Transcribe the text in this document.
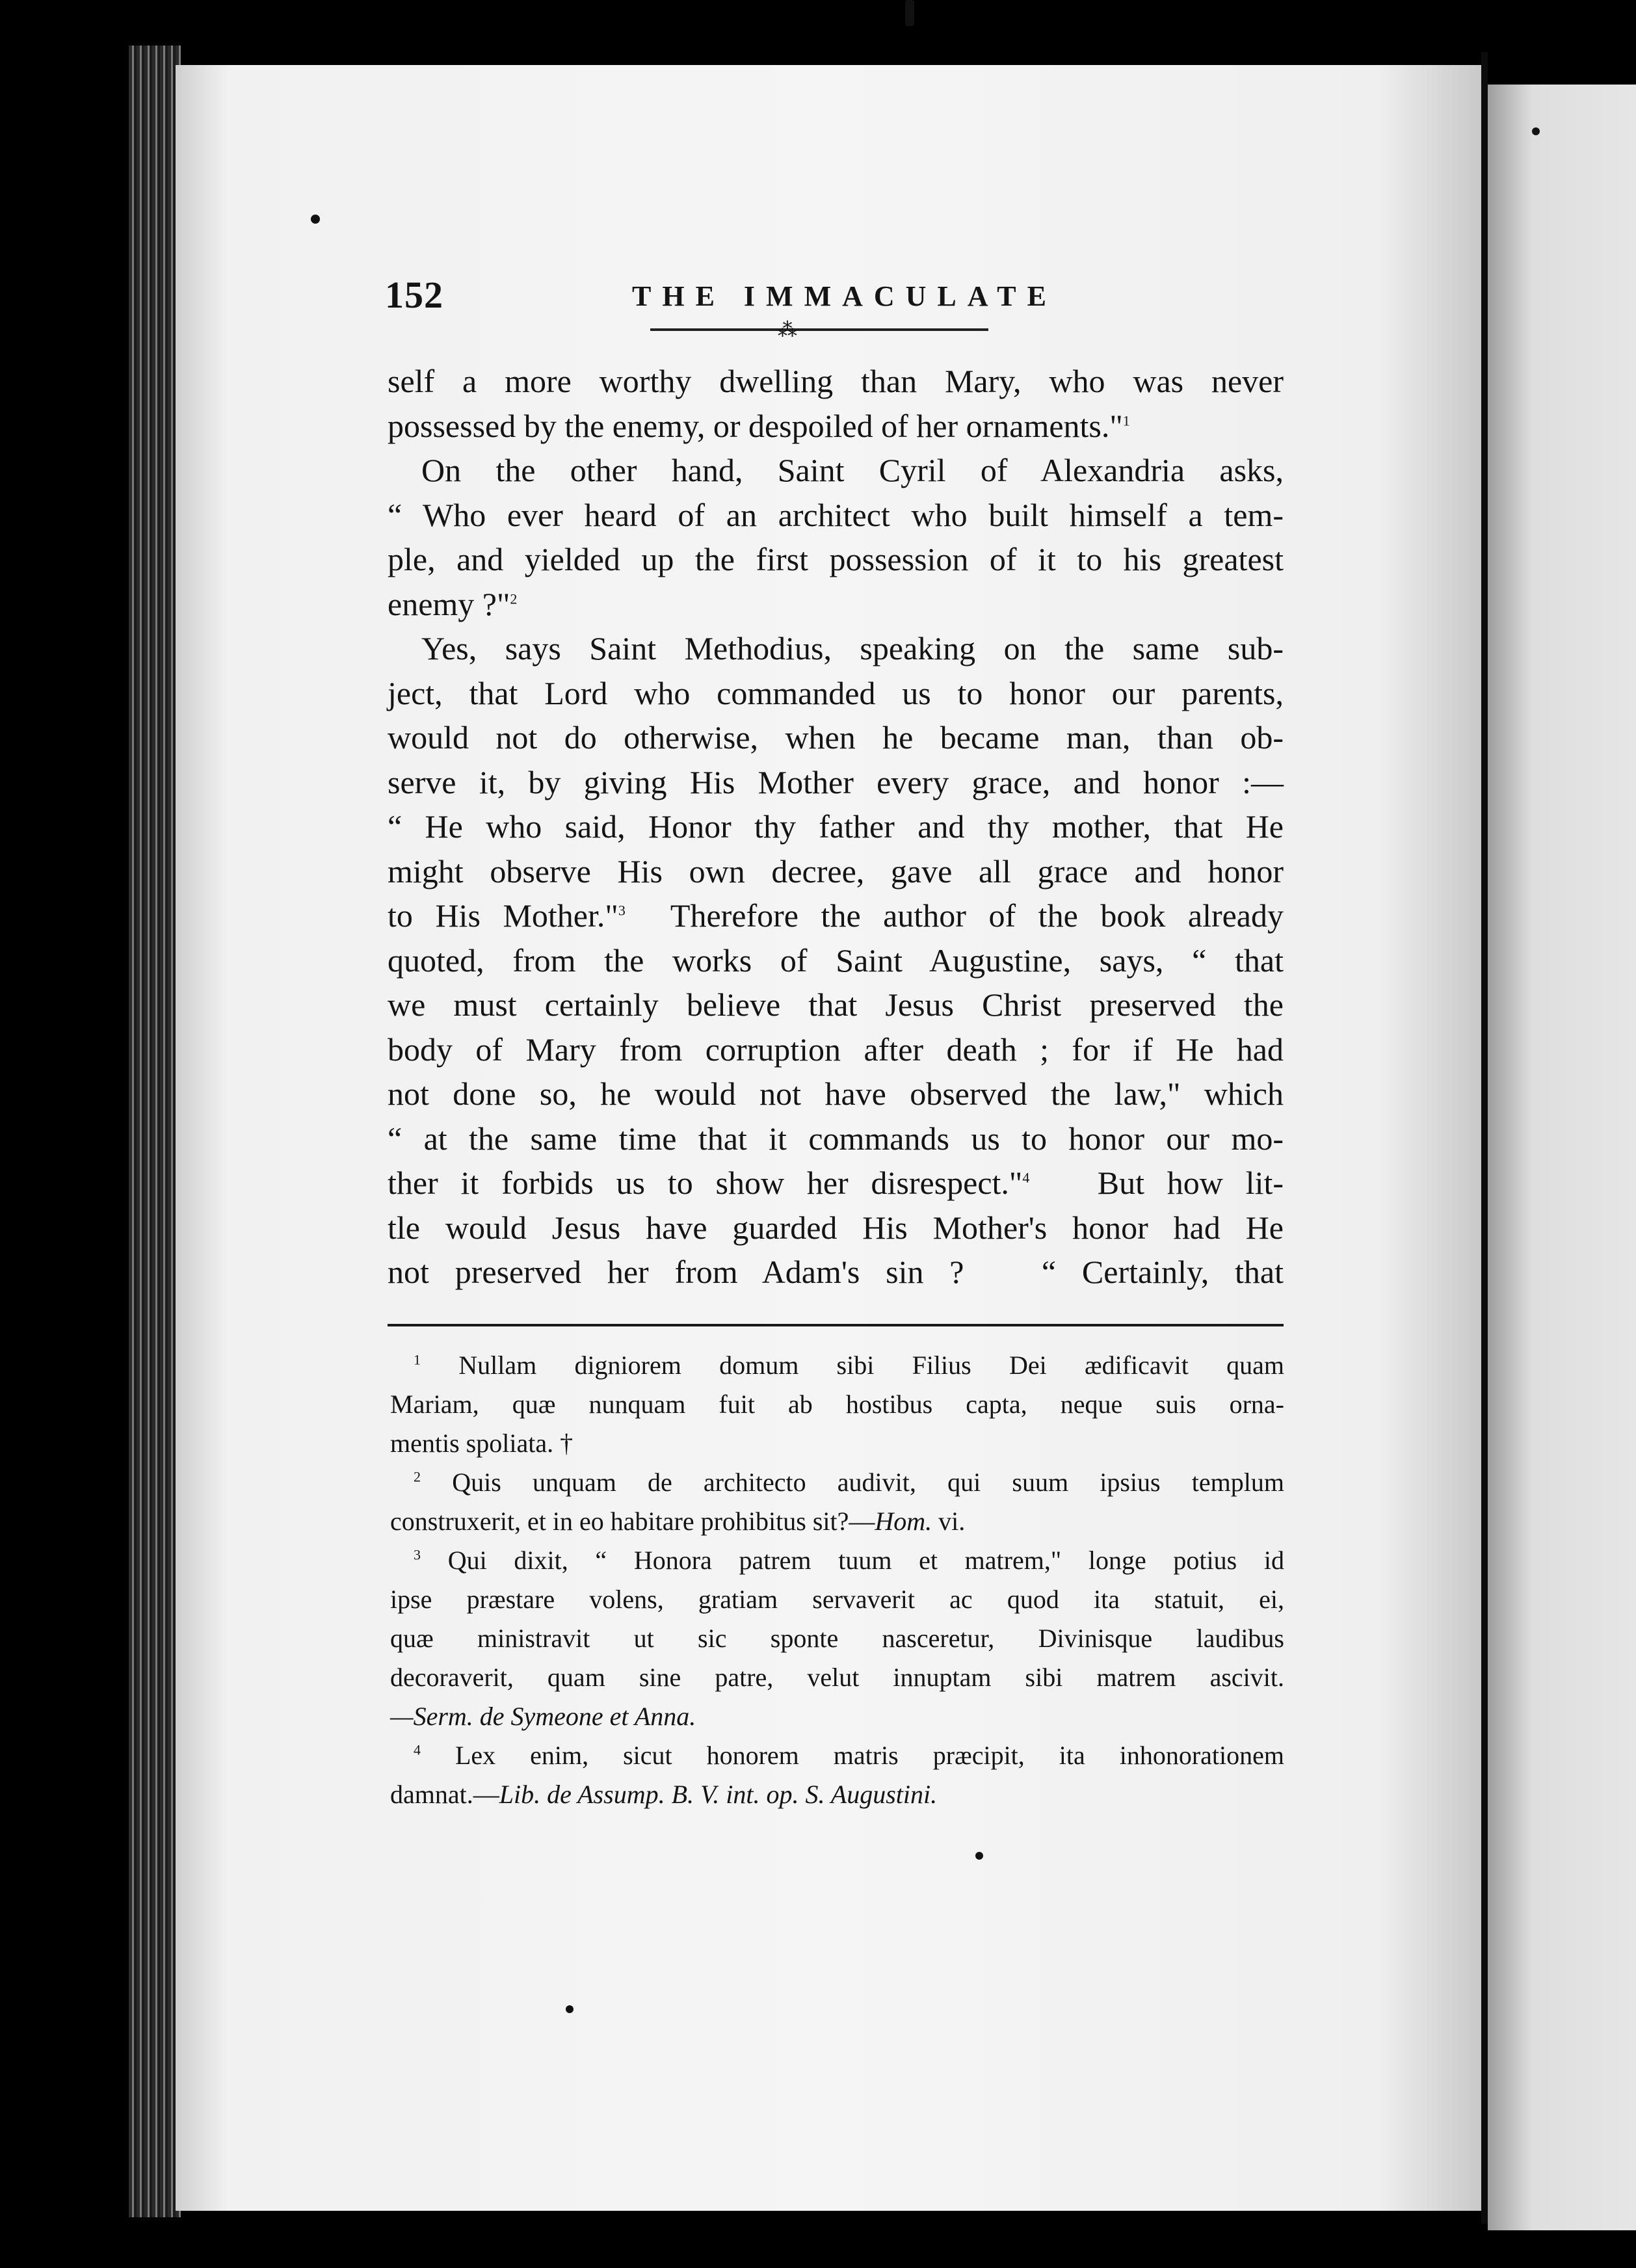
152	THE IMMACULATE
⁂
self a more worthy dwelling than Mary, who was never
possessed by the enemy, or despoiled of her ornaments."$^1$
On the other hand, Saint Cyril of Alexandria asks,
“ Who ever heard of an architect who built himself a tem-
ple, and yielded up the first possession of it to his greatest
enemy ?"$^2$
Yes, says Saint Methodius, speaking on the same sub-
ject, that Lord who commanded us to honor our parents,
would not do otherwise, when he became man, than ob-
serve it, by giving His Mother every grace, and honor :—
“ He who said, Honor thy father and thy mother, that He
might observe His own decree, gave all grace and honor
to His Mother."$^3$ Therefore the author of the book already
quoted, from the works of Saint Augustine, says, “ that
we must certainly believe that Jesus Christ preserved the
body of Mary from corruption after death ; for if He had
not done so, he would not have observed the law," which
“ at the same time that it commands us to honor our mo-
ther it forbids us to show her disrespect."$^4$ But how lit-
tle would Jesus have guarded His Mother's honor had He
not preserved her from Adam's sin ? “ Certainly, that
$^1$ Nullam digniorem domum sibi Filius Dei ædificavit quam
Mariam, quæ nunquam fuit ab hostibus capta, neque suis orna-
mentis spoliata. †
$^2$ Quis unquam de architecto audivit, qui suum ipsius templum
construxerit, et in eo habitare prohibitus sit?—Hom. vi.
$^3$ Qui dixit, “ Honora patrem tuum et matrem," longe potius id
ipse præstare volens, gratiam servaverit ac quod ita statuit, ei,
quæ ministravit ut sic sponte nasceretur, Divinisque laudibus
decoraverit, quam sine patre, velut innuptam sibi matrem ascivit.
—Serm. de Symeone et Anna.
$^4$ Lex enim, sicut honorem matris præcipit, ita inhonorationem
damnat.—Lib. de Assump. B. V. int. op. S. Augustini.
